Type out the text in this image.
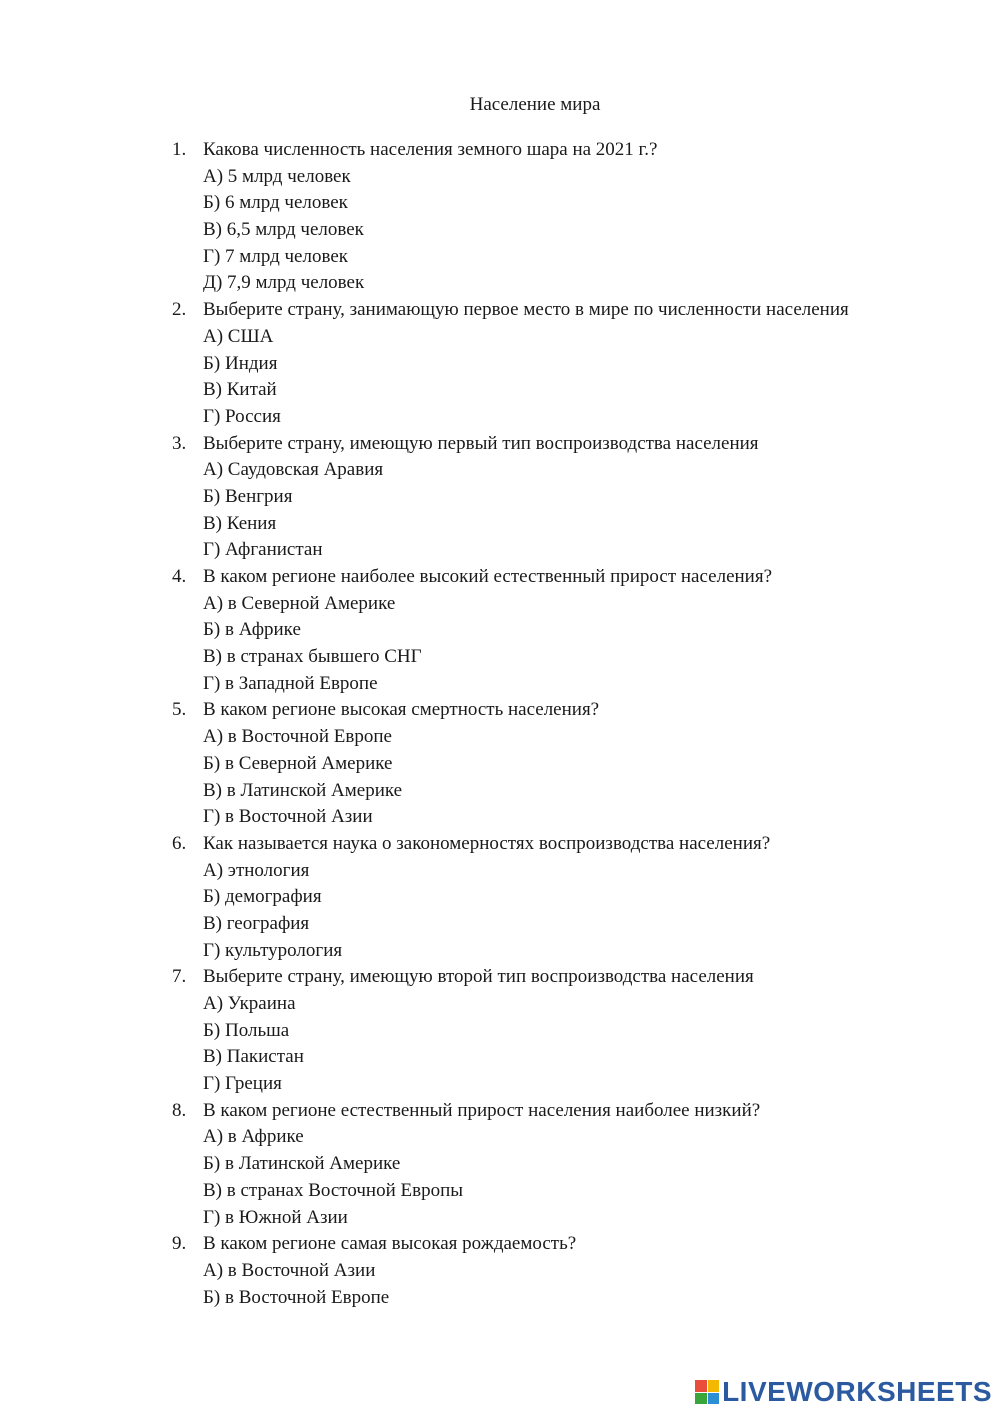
Население мира
1. Какова численность населения земного шара на 2021 г.?
А) 5 млрд человек
Б) 6 млрд человек
В) 6,5 млрд человек
Г) 7 млрд человек
Д) 7,9 млрд человек
2. Выберите страну, занимающую первое место в мире по численности населения
А) США
Б) Индия
В) Китай
Г) Россия
3. Выберите страну, имеющую первый тип воспроизводства населения
А) Саудовская Аравия
Б) Венгрия
В) Кения
Г) Афганистан
4. В каком регионе наиболее высокий естественный прирост населения?
А) в Северной Америке
Б) в Африке
В) в странах бывшего СНГ
Г) в Западной Европе
5. В каком регионе высокая смертность населения?
А) в Восточной Европе
Б) в Северной Америке
В) в Латинской Америке
Г) в Восточной Азии
6. Как называется наука о закономерностях воспроизводства населения?
А) этнология
Б) демография
В) география
Г) культурология
7. Выберите страну, имеющую второй тип воспроизводства населения
А) Украина
Б) Польша
В) Пакистан
Г) Греция
8. В каком регионе естественный прирост населения наиболее низкий?
А) в Африке
Б) в Латинской Америке
В) в странах Восточной Европы
Г) в Южной Азии
9. В каком регионе самая высокая рождаемость?
А) в Восточной Азии
Б) в Восточной Европе
LIVEWORKSHEETS
